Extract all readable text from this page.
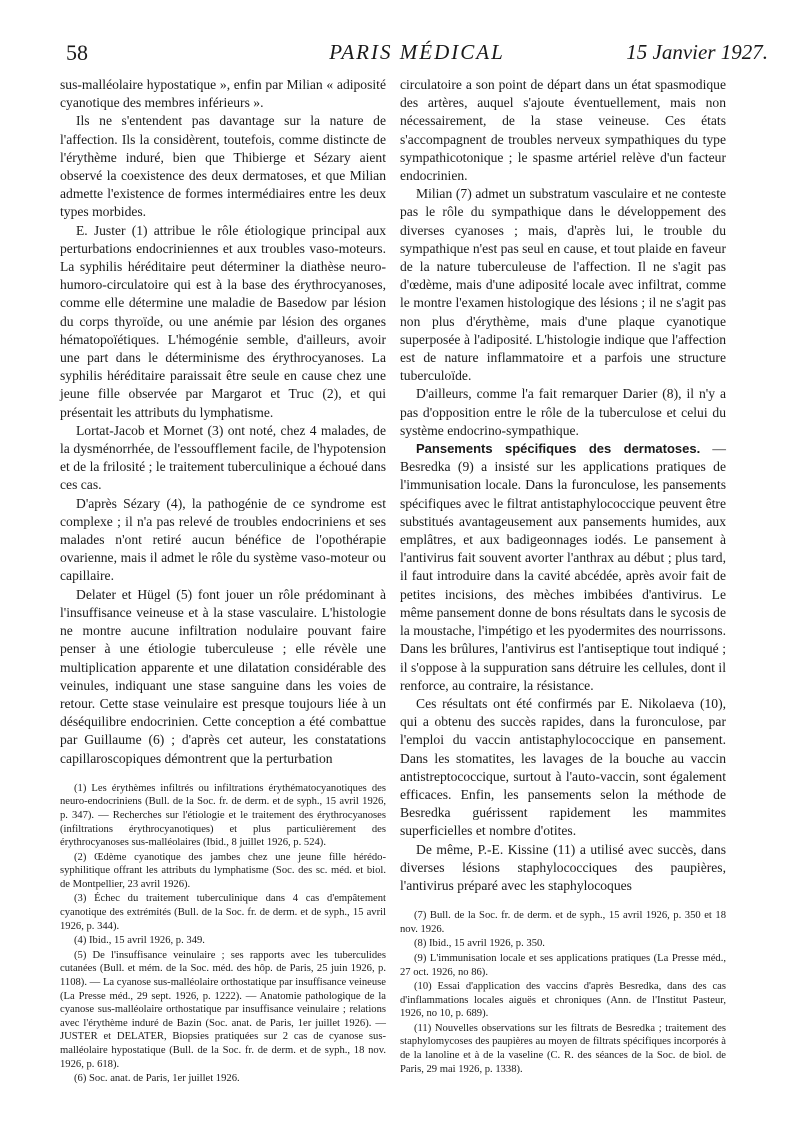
58	PARIS MÉDICAL	15 Janvier 1927.

sus-malléolaire hypostatique », enfin par Milian « adiposité cyanotique des membres inférieurs ».

Ils ne s'entendent pas davantage sur la nature de l'affection. Ils la considèrent, toutefois, comme distincte de l'érythème induré, bien que Thibierge et Sézary aient observé la coexistence des deux dermatoses, et que Milian admette l'existence de formes intermédiaires entre les deux types morbides.

E. Juster (1) attribue le rôle étiologique principal aux perturbations endocriniennes et aux troubles vaso-moteurs. La syphilis héréditaire peut déterminer la diathèse neuro-humoro-circulatoire qui est à la base des érythrocyanoses, comme elle détermine une maladie de Basedow par lésion du corps thyroïde, ou une anémie par lésion des organes hématopoïétiques. L'hémogénie semble, d'ailleurs, avoir une part dans le déterminisme des érythrocyanoses. La syphilis héréditaire paraissait être seule en cause chez une jeune fille observée par Margarot et Truc (2), et qui présentait les attributs du lymphatisme.

Lortat-Jacob et Mornet (3) ont noté, chez 4 malades, de la dysménorrhée, de l'essoufflement facile, de l'hypotension et de la frilosité ; le traitement tuberculinique a échoué dans ces cas.

D'après Sézary (4), la pathogénie de ce syndrome est complexe ; il n'a pas relevé de troubles endocriniens et ses malades n'ont retiré aucun bénéfice de l'opothérapie ovarienne, mais il admet le rôle du système vaso-moteur ou capillaire.

Delater et Hügel (5) font jouer un rôle prédominant à l'insuffisance veineuse et à la stase vasculaire. L'histologie ne montre aucune infiltration nodulaire pouvant faire penser à une étiologie tuberculeuse ; elle révèle une multiplication apparente et une dilatation considérable des veinules, indiquant une stase sanguine dans les voies de retour. Cette stase veinulaire est presque toujours liée à un déséquilibre endocrinien. Cette conception a été combattue par Guillaume (6) ; d'après cet auteur, les constatations capillaroscopiques démontrent que la perturbation

(1) Les érythèmes infiltrés ou infiltrations érythématocyanotiques des neuro-endocriniens (Bull. de la Soc. fr. de derm. et de syph., 15 avril 1926, p. 347). — Recherches sur l'étiologie et le traitement des érythrocyanoses (infiltrations érythrocyanotiques) et plus particulièrement des érythrocyanoses sus-malléolaires (Ibid., 8 juillet 1926, p. 524).

(2) Œdème cyanotique des jambes chez une jeune fille hérédo-syphilitique offrant les attributs du lymphatisme (Soc. des sc. méd. et biol. de Montpellier, 23 avril 1926).

(3) Échec du traitement tuberculinique dans 4 cas d'empâtement cyanotique des extrémités (Bull. de la Soc. fr. de derm. et de syph., 15 avril 1926, p. 344).

(4) Ibid., 15 avril 1926, p. 349.

(5) De l'insuffisance veinulaire ; ses rapports avec les tuberculides cutanées (Bull. et mém. de la Soc. méd. des hôp. de Paris, 25 juin 1926, p. 1108). — La cyanose sus-malléolaire orthostatique par insuffisance veineuse (La Presse méd., 29 sept. 1926, p. 1222). — Anatomie pathologique de la cyanose sus-malléolaire orthostatique par insuffisance veinulaire ; relations avec l'érythème induré de Bazin (Soc. anat. de Paris, 1er juillet 1926). — JUSTER et DELATER, Biopsies pratiquées sur 2 cas de cyanose sus-malléolaire hypostatique (Bull. de la Soc. fr. de derm. et de syph., 18 nov. 1926, p. 618).

(6) Soc. anat. de Paris, 1er juillet 1926.

circulatoire a son point de départ dans un état spasmodique des artères, auquel s'ajoute éventuellement, mais non nécessairement, de la stase veineuse. Ces états s'accompagnent de troubles nerveux sympathiques du type sympathicotonique ; le spasme artériel relève d'un facteur endocrinien.

Milian (7) admet un substratum vasculaire et ne conteste pas le rôle du sympathique dans le développement des diverses cyanoses ; mais, d'après lui, le trouble du sympathique n'est pas seul en cause, et tout plaide en faveur de la nature tuberculeuse de l'affection. Il ne s'agit pas d'œdème, mais d'une adiposité locale avec infiltrat, comme le montre l'examen histologique des lésions ; il ne s'agit pas non plus d'érythème, mais d'une plaque cyanotique superposée à l'adiposité. L'histologie indique que l'affection est de nature inflammatoire et a parfois une structure tuberculoïde.

D'ailleurs, comme l'a fait remarquer Darier (8), il n'y a pas d'opposition entre le rôle de la tuberculose et celui du système endocrino-sympathique.

Pansements spécifiques des dermatoses. — Besredka (9) a insisté sur les applications pratiques de l'immunisation locale. Dans la furonculose, les pansements spécifiques avec le filtrat antistaphylococcique peuvent être substitués avantageusement aux pansements humides, aux emplâtres, et aux badigeonnages iodés. Le pansement à l'antivirus fait souvent avorter l'anthrax au début ; plus tard, il faut introduire dans la cavité abcédée, après avoir fait de petites incisions, des mèches imbibées d'antivirus. Le même pansement donne de bons résultats dans le sycosis de la moustache, l'impétigo et les pyodermites des nourrissons. Dans les brûlures, l'antivirus est l'antiseptique tout indiqué ; il s'oppose à la suppuration sans détruire les cellules, dont il renforce, au contraire, la résistance.

Ces résultats ont été confirmés par E. Nikolaeva (10), qui a obtenu des succès rapides, dans la furonculose, par l'emploi du vaccin antistaphylococcique en pansement. Dans les stomatites, les lavages de la bouche au vaccin antistreptococcique, surtout à l'auto-vaccin, sont également efficaces. Enfin, les pansements selon la méthode de Besredka guérissent rapidement les mammites superficielles et nombre d'otites.

De même, P.-E. Kissine (11) a utilisé avec succès, dans diverses lésions staphylococciques des paupières, l'antivirus préparé avec les staphylocoques

(7) Bull. de la Soc. fr. de derm. et de syph., 15 avril 1926, p. 350 et 18 nov. 1926.

(8) Ibid., 15 avril 1926, p. 350.

(9) L'immunisation locale et ses applications pratiques (La Presse méd., 27 oct. 1926, no 86).

(10) Essai d'application des vaccins d'après Besredka, dans des cas d'inflammations locales aiguës et chroniques (Ann. de l'Institut Pasteur, 1926, no 10, p. 689).

(11) Nouvelles observations sur les filtrats de Besredka ; traitement des staphylomycoses des paupières au moyen de filtrats spécifiques incorporés à de la lanoline et à de la vaseline (C. R. des séances de la Soc. de biol. de Paris, 29 mai 1926, p. 1338).
